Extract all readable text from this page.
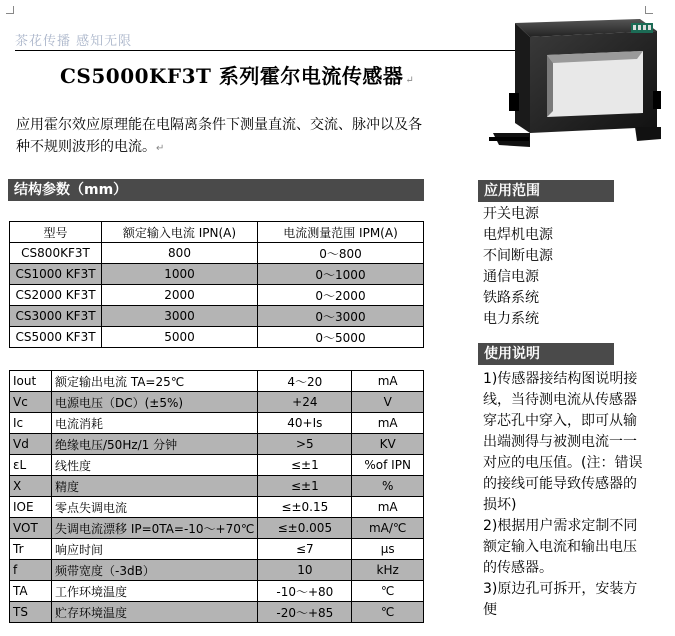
茶花传播 感知无限
CS5000KF3T 系列霍尔电流传感器 ↵
应用霍尔效应原理能在电隔离条件下测量直流、交流、脉冲以及各种不规则波形的电流。↵
结构参数（mm）
型号	额定输入电流 IPN(A)	电流测量范围 IPM(A)
CS800KF3T	800	0～800
CS1000 KF3T	1000	0～1000
CS2000 KF3T	2000	0～2000
CS3000 KF3T	3000	0～3000
CS5000 KF3T	5000	0～5000
Iout	额定输出电流 TA=25℃	4～20	mA
Vc	电源电压（DC）(±5%)	+24	V
Ic	电流消耗	40+Is	mA
Vd	绝缘电压/50Hz/1 分钟	>5	KV
εL	线性度	≤±1	%of IPN
X	精度	≤±1	%
IOE	零点失调电流	≤±0.15	mA
VOT	失调电流漂移 IP=0TA=-10～+70℃	≤±0.005	mA/℃
Tr	响应时间	≤7	μs
f	频带宽度（-3dB）	10	kHz
TA	工作环境温度	-10～+80	℃
TS	贮存环境温度	-20～+85	℃
应用范围
开关电源
电焊机电源
不间断电源
通信电源
铁路系统
电力系统
使用说明

1)传感器接结构图说明接线，当待测电流从传感器穿芯孔中穿入，即可从输出端测得与被测电流一一对应的电压值。(注：错误的接线可能导致传感器的损坏)

2)根据用户需求定制不同额定输入电流和输出电压的传感器。

3)原边孔可拆开，安装方便
